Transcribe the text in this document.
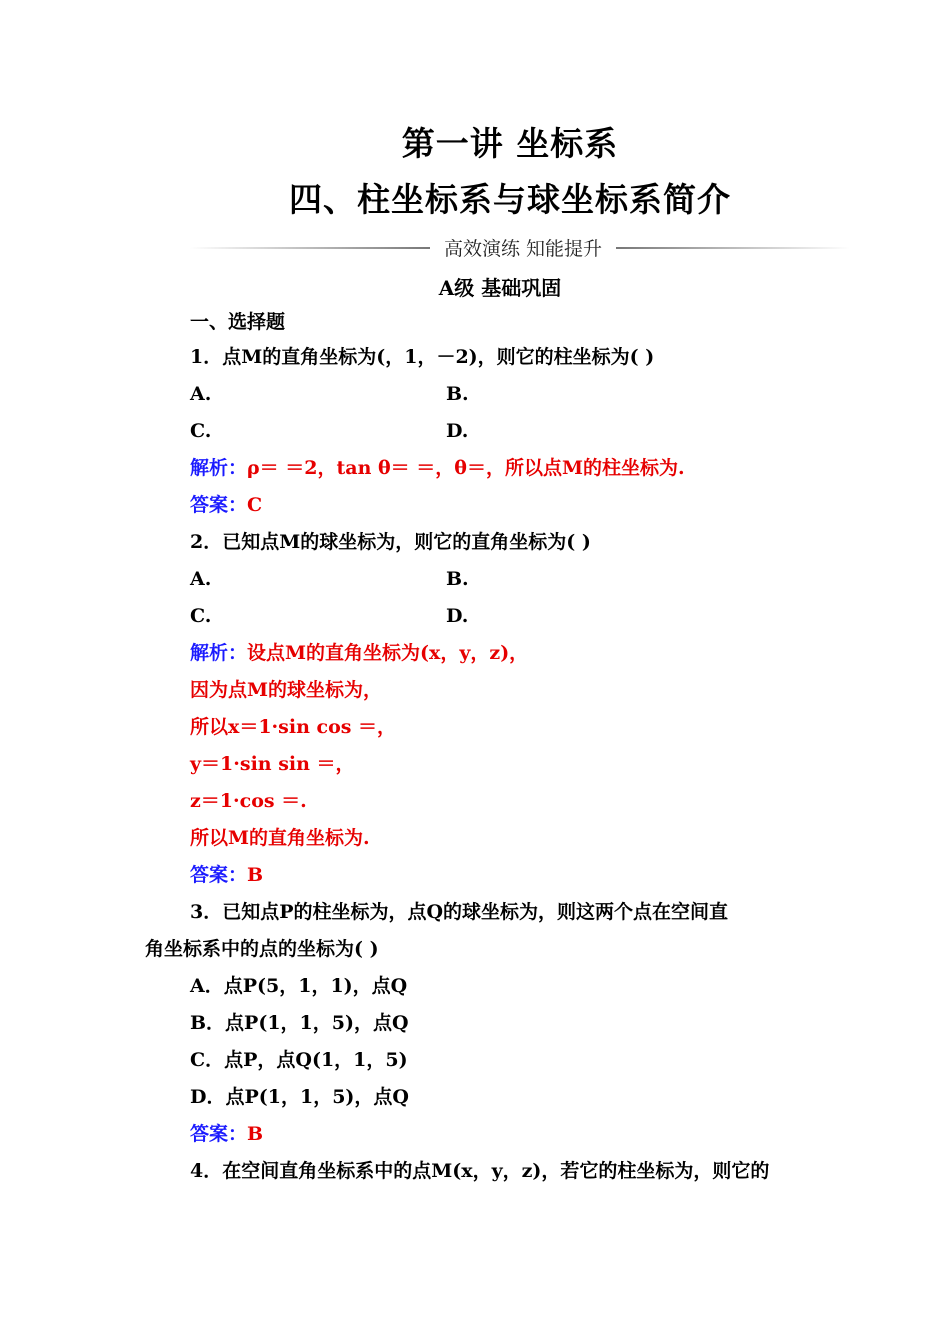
第一讲 坐标系
四、柱坐标系与球坐标系简介
高效演练 知能提升
A级 基础巩固
一、选择题
1．点M的直角坐标为(，1，－2)，则它的柱坐标为( )
A.	B.
C.	D.
解析：ρ＝ ＝2，tan θ＝ ＝，θ＝，所以点M的柱坐标为.
答案：C
2．已知点M的球坐标为，则它的直角坐标为( )
A.	B.
C.	D.
解析：设点M的直角坐标为(x，y，z)，
因为点M的球坐标为，
所以x＝1·sin cos ＝，
y＝1·sin sin ＝，
z＝1·cos ＝.
所以M的直角坐标为.
答案：B
3．已知点P的柱坐标为，点Q的球坐标为，则这两个点在空间直
角坐标系中的点的坐标为( )
A．点P(5，1，1)，点Q
B．点P(1，1，5)，点Q
C．点P，点Q(1，1，5)
D．点P(1，1，5)，点Q
答案：B
4．在空间直角坐标系中的点M(x，y，z)，若它的柱坐标为，则它的
